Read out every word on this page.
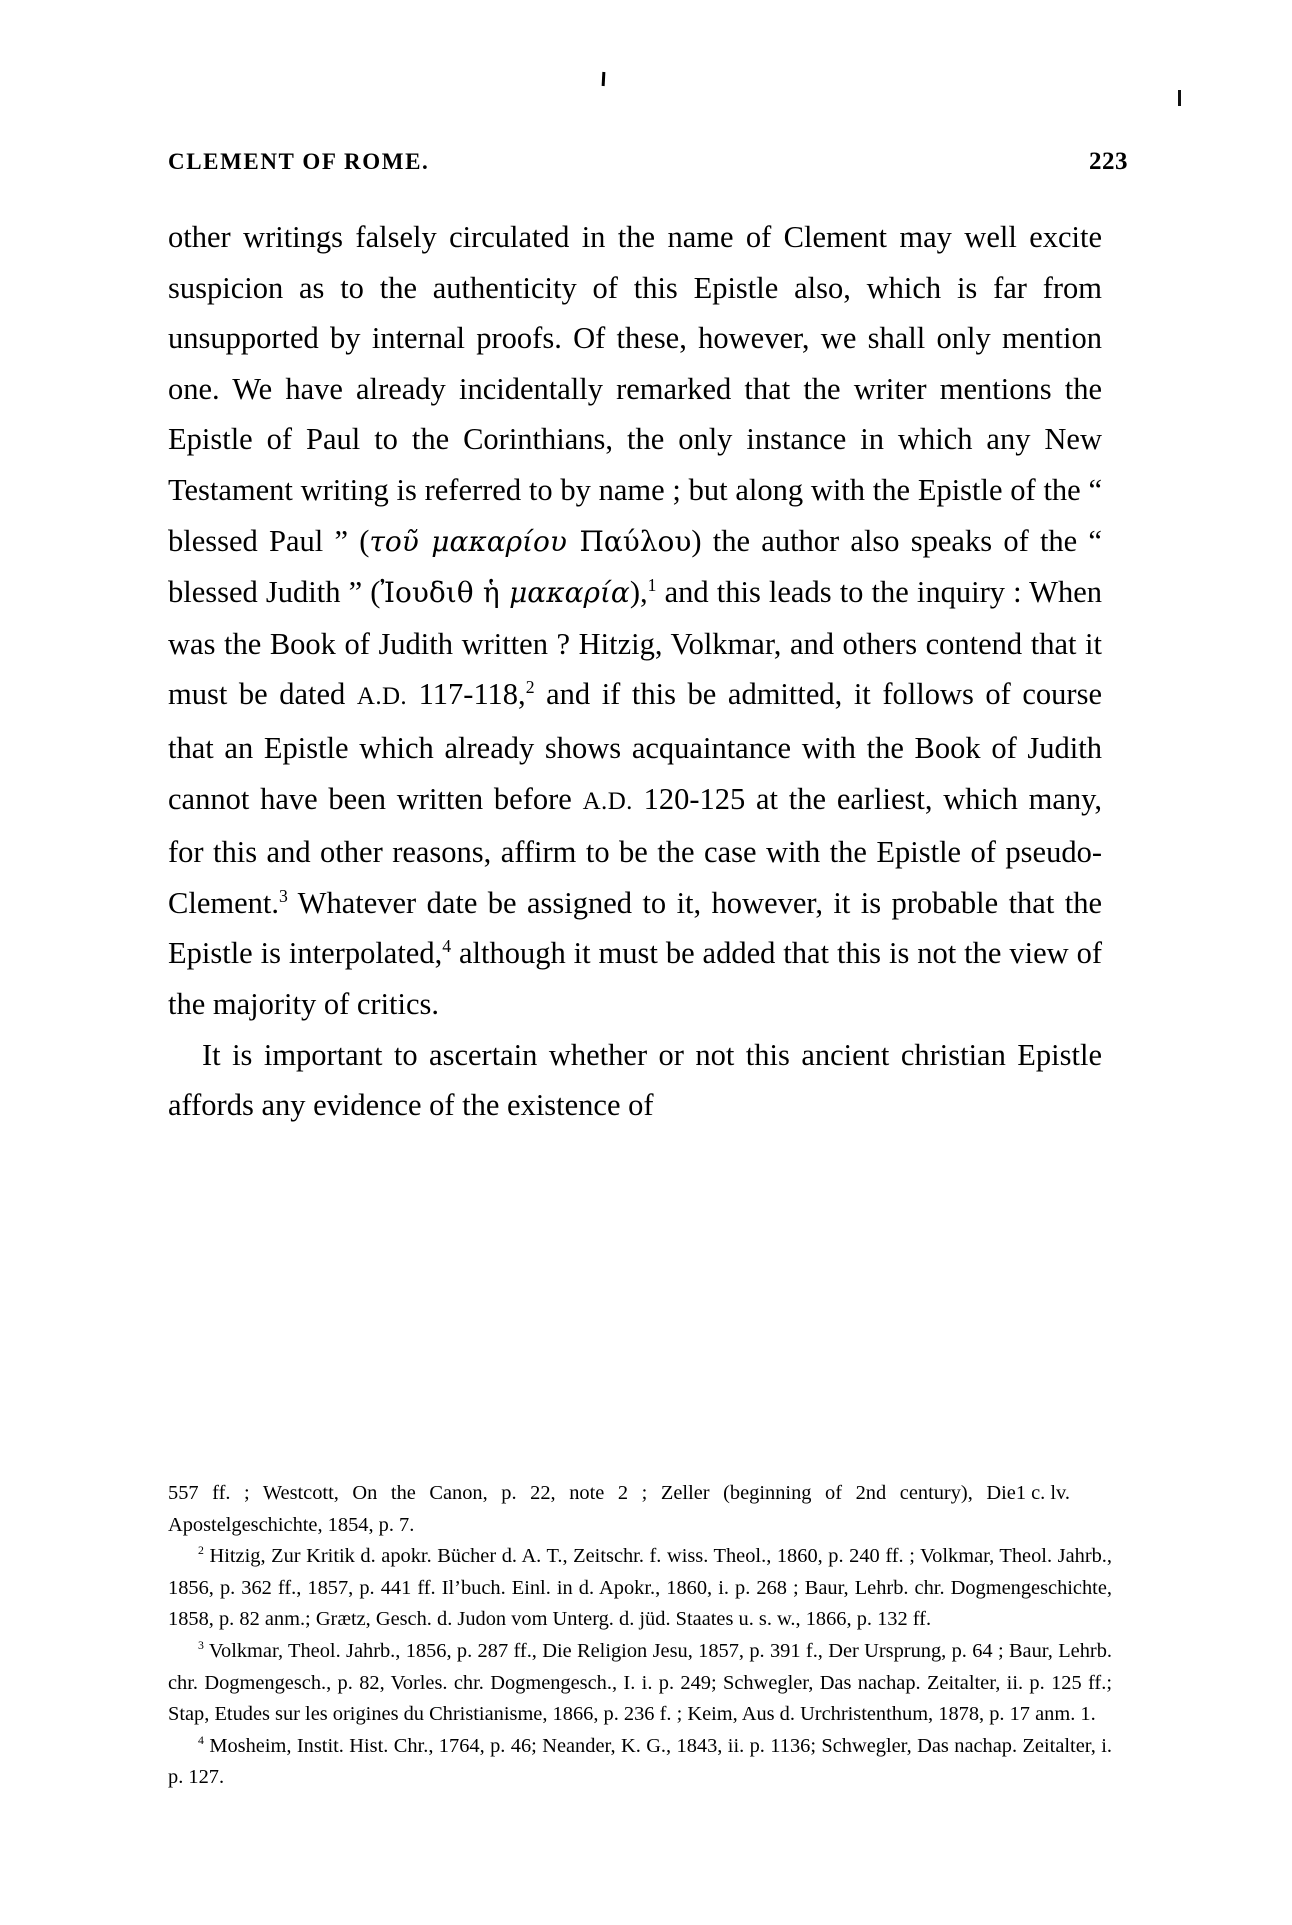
CLEMENT OF ROME.	223

other writings falsely circulated in the name of Clement may well excite suspicion as to the authenticity of this Epistle also, which is far from unsupported by internal proofs. Of these, however, we shall only mention one. We have already incidentally remarked that the writer mentions the Epistle of Paul to the Corinthians, the only instance in which any New Testament writing is referred to by name ; but along with the Epistle of the “ blessed Paul ” (τοῦ μακαρίου Παύλου) the author also speaks of the “ blessed Judith ” (Ἰουδιθ ἡ μακαρία),$^1$ and this leads to the inquiry : When was the Book of Judith written ? Hitzig, Volkmar, and others contend that it must be dated A.D. 117-118,$^2$ and if this be admitted, it follows of course that an Epistle which already shows acquaintance with the Book of Judith cannot have been written before A.D. 120-125 at the earliest, which many, for this and other reasons, affirm to be the case with the Epistle of pseudo-Clement.$^3$ Whatever date be assigned to it, however, it is probable that the Epistle is interpolated,$^4$ although it must be added that this is not the view of the majority of critics.

It is important to ascertain whether or not this ancient christian Epistle affords any evidence of the existence of

557 ff. ; Westcott, On the Canon, p. 22, note 2 ; Zeller (beginning of 2nd century), Die Apostelgeschichte, 1854, p. 7.
1 c. lv.

$^2$ Hitzig, Zur Kritik d. apokr. Bücher d. A. T., Zeitschr. f. wiss. Theol., 1860, p. 240 ff. ; Volkmar, Theol. Jahrb., 1856, p. 362 ff., 1857, p. 441 ff. Il’buch. Einl. in d. Apokr., 1860, i. p. 268 ; Baur, Lehrb. chr. Dogmengeschichte, 1858, p. 82 anm.; Grætz, Gesch. d. Judon vom Unterg. d. jüd. Staates u. s. w., 1866, p. 132 ff.

$^3$ Volkmar, Theol. Jahrb., 1856, p. 287 ff., Die Religion Jesu, 1857, p. 391 f., Der Ursprung, p. 64 ; Baur, Lehrb. chr. Dogmengesch., p. 82, Vorles. chr. Dogmengesch., I. i. p. 249; Schwegler, Das nachap. Zeitalter, ii. p. 125 ff.; Stap, Etudes sur les origines du Christianisme, 1866, p. 236 f. ; Keim, Aus d. Urchristenthum, 1878, p. 17 anm. 1.

$^4$ Mosheim, Instit. Hist. Chr., 1764, p. 46; Neander, K. G., 1843, ii. p. 1136; Schwegler, Das nachap. Zeitalter, i. p. 127.
